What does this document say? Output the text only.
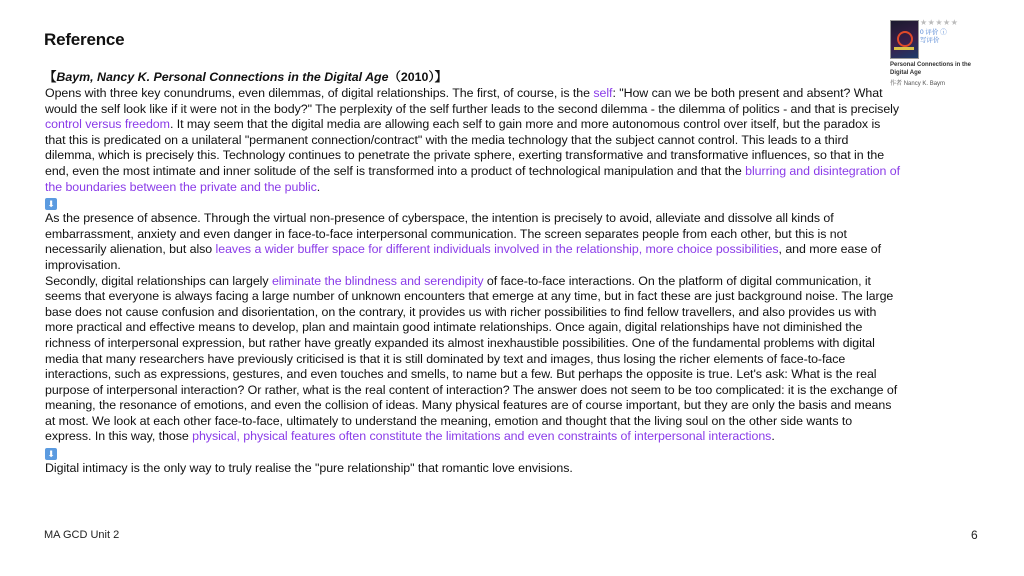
Reference
【Baym, Nancy K. Personal Connections in the Digital Age（2010）】

Opens with three key conundrums, even dilemmas, of digital relationships. The first, of course, is the self: "How can we be both present and absent? What would the self look like if it were not in the body?" The perplexity of the self further leads to the second dilemma - the dilemma of politics - and that is precisely control versus freedom. It may seem that the digital media are allowing each self to gain more and more autonomous control over itself, but the paradox is that this is predicated on a unilateral "permanent connection/contract" with the media technology that the subject cannot control. This leads to a third dilemma, which is precisely this. Technology continues to penetrate the private sphere, exerting transformative and transformative influences, so that in the end, even the most intimate and inner solitude of the self is transformed into a product of technological manipulation and that the blurring and disintegration of the boundaries between the private and the public.

⬇

As the presence of absence. Through the virtual non-presence of cyberspace, the intention is precisely to avoid, alleviate and dissolve all kinds of embarrassment, anxiety and even danger in face-to-face interpersonal communication. The screen separates people from each other, but this is not necessarily alienation, but also leaves a wider buffer space for different individuals involved in the relationship, more choice possibilities, and more ease of improvisation.

Secondly, digital relationships can largely eliminate the blindness and serendipity of face-to-face interactions. On the platform of digital communication, it seems that everyone is always facing a large number of unknown encounters that emerge at any time, but in fact these are just background noise. The large base does not cause confusion and disorientation, on the contrary, it provides us with richer possibilities to find fellow travellers, and also provides us with more practical and effective means to develop, plan and maintain good intimate relationships. Once again, digital relationships have not diminished the richness of interpersonal expression, but rather have greatly expanded its almost inexhaustible possibilities. One of the fundamental problems with digital media that many researchers have previously criticised is that it is still dominated by text and images, thus losing the richer elements of face-to-face interactions, such as expressions, gestures, and even touches and smells, to name but a few. But perhaps the opposite is true. Let's ask: What is the real purpose of interpersonal interaction? Or rather, what is the real content of interaction? The answer does not seem to be too complicated: it is the exchange of meaning, the resonance of emotions, and even the collision of ideas. Many physical features are of course important, but they are only the basis and means at most. We look at each other face-to-face, ultimately to understand the meaning, emotion and thought that the living soul on the other side wants to express. In this way, those physical, physical features often constitute the limitations and even constraints of interpersonal interactions.

⬇

Digital intimacy is the only way to truly realise the "pure relationship" that romantic love envisions.

★★★★★
0 评价 ⓘ
写评价
Personal Connections in the Digital Age
作者 Nancy K. Baym
MA GCD Unit 2	6
